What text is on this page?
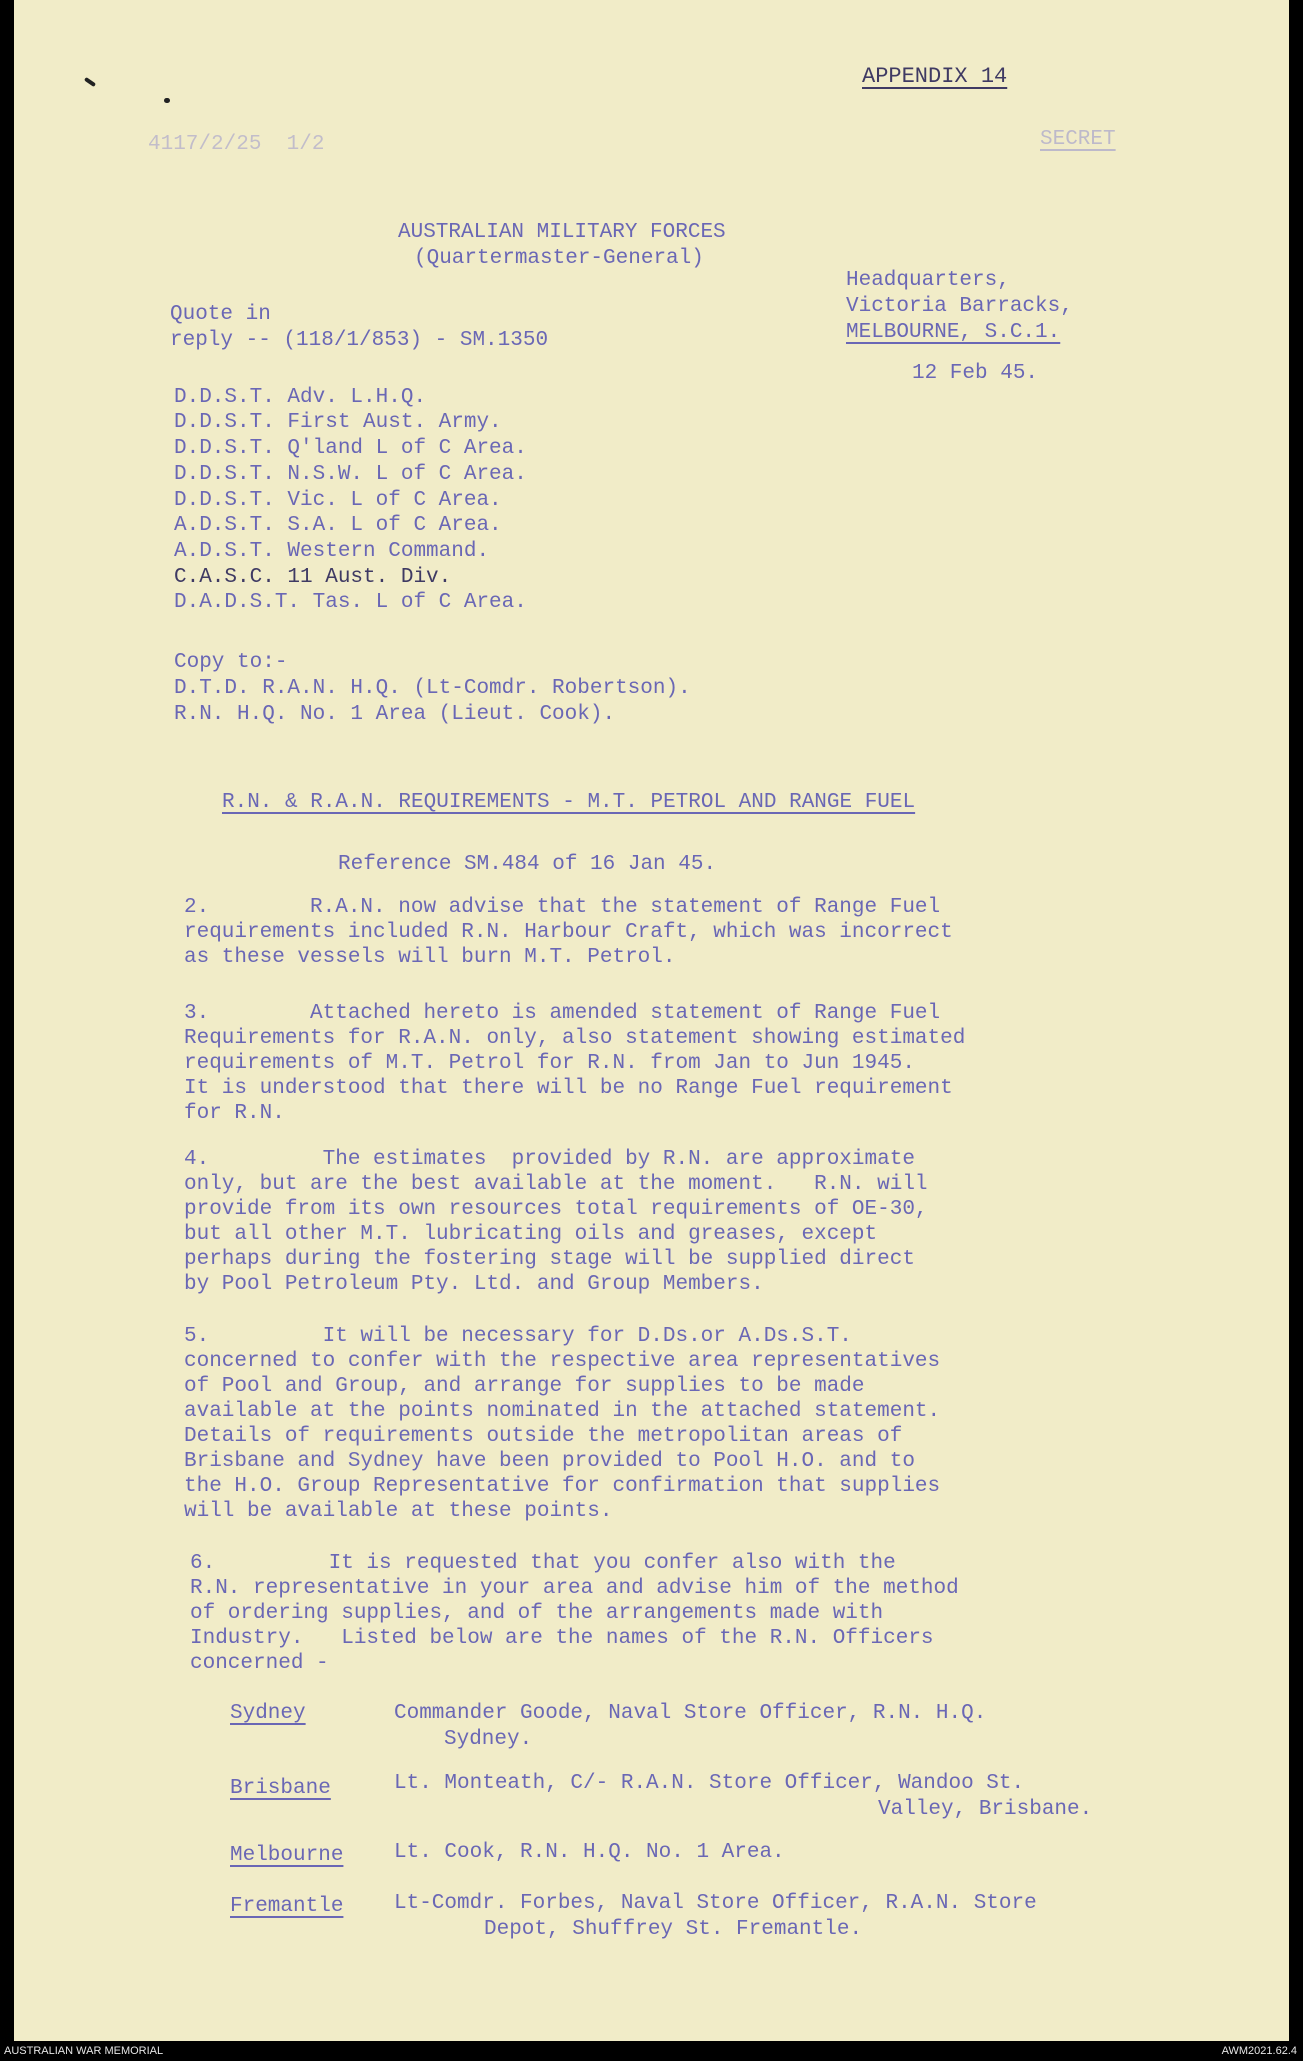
APPENDIX 14
4117/2/25  1/2	SECRET
AUSTRALIAN MILITARY FORCES
(Quartermaster-General)
Headquarters,
Victoria Barracks,
MELBOURNE, S.C.1.
12 Feb 45.
Quote in
reply -- (118/1/853) - SM.1350
D.D.S.T. Adv. L.H.Q.
D.D.S.T. First Aust. Army.
D.D.S.T. Q'land L of C Area.
D.D.S.T. N.S.W. L of C Area.
D.D.S.T. Vic. L of C Area.
A.D.S.T. S.A. L of C Area.
A.D.S.T. Western Command.
C.A.S.C. 11 Aust. Div.
D.A.D.S.T. Tas. L of C Area.
Copy to:-
D.T.D. R.A.N. H.Q. (Lt-Comdr. Robertson).
R.N. H.Q. No. 1 Area (Lieut. Cook).
R.N. & R.A.N. REQUIREMENTS - M.T. PETROL AND RANGE FUEL
Reference SM.484 of 16 Jan 45.
2.        R.A.N. now advise that the statement of Range Fuel
requirements included R.N. Harbour Craft, which was incorrect
as these vessels will burn M.T. Petrol.
3.        Attached hereto is amended statement of Range Fuel
Requirements for R.A.N. only, also statement showing estimated
requirements of M.T. Petrol for R.N. from Jan to Jun 1945.
It is understood that there will be no Range Fuel requirement
for R.N.
4.         The estimates  provided by R.N. are approximate
only, but are the best available at the moment.   R.N. will
provide from its own resources total requirements of OE-30,
but all other M.T. lubricating oils and greases, except
perhaps during the fostering stage will be supplied direct
by Pool Petroleum Pty. Ltd. and Group Members.
5.         It will be necessary for D.Ds.or A.Ds.S.T.
concerned to confer with the respective area representatives
of Pool and Group, and arrange for supplies to be made
available at the points nominated in the attached statement.
Details of requirements outside the metropolitan areas of
Brisbane and Sydney have been provided to Pool H.O. and to
the H.O. Group Representative for confirmation that supplies
will be available at these points.
6.         It is requested that you confer also with the
R.N. representative in your area and advise him of the method
of ordering supplies, and of the arrangements made with
Industry.   Listed below are the names of the R.N. Officers
concerned -
Sydney	Commander Goode, Naval Store Officer, R.N. H.Q.
Sydney.
Brisbane	Lt. Monteath, C/- R.A.N. Store Officer, Wandoo St.
Valley, Brisbane.
Melbourne Lt. Cook, R.N. H.Q. No. 1 Area.
Fremantle Lt-Comdr. Forbes, Naval Store Officer, R.A.N. Store
Depot, Shuffrey St. Fremantle.
AUSTRALIAN WAR MEMORIAL	AWM2021.62.4
